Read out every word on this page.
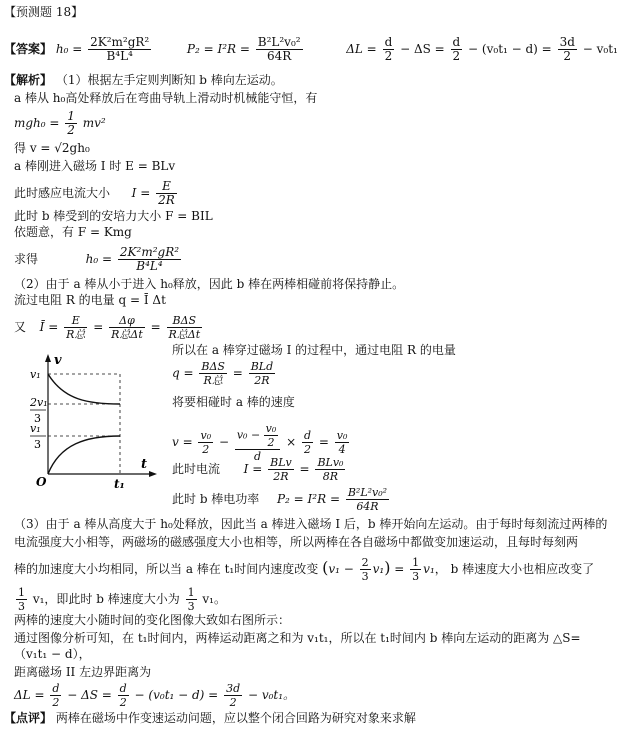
【预测题 18】
【答案】 $h_0 = \frac{\text{2K²m²gR²}}{\text{B⁴L⁴}}$	$P_2 = I^2R = \frac{\text{B²L²v₀²}}{64R}$	$\Delta L = \frac{d}{2} - \Delta S = \frac{d}{2} - (v_0t_1 - d) = \frac{3d}{2} - v_0t_1$
【解析】 （1）根据左手定则判断知 b 棒向左运动。
a 棒从 h₀高处释放后在弯曲导轨上滑动时机械能守恒，有
$mgh_0 = \frac{1}{2} mv^2$
得 v = √2gh₀
a 棒刚进入磁场 I 时 E = BLv
此时感应电流大小 $I = \frac{E}{2R}$
此时 b 棒受到的安培力大小 F = BIL
依题意，有 F = Kmg
求得	$h_0 = \frac{\text{2K²m²gR²}}{\text{B⁴L⁴}}$
（2）由于 a 棒从小于进入 h₀释放，因此 b 棒在两棒相碰前将保持静止。
流过电阻 R 的电量 q = Ī Δt
又 Ī = $\frac{E}{\text{R总}} = \frac{\Delta\varphi}{\text{R总Δt}} = \frac{\text{BΔS}}{\text{R总Δt}}$
v
t
v₁
2v₁
3
v₁
3
O	t₁
所以在 a 棒穿过磁场 I 的过程中，通过电阻 R 的电量
$q = \frac{\text{BΔS}}{\text{R总}} = \frac{\text{BLd}}{2R}$
将要相碰时 a 棒的速度
$v = \frac{\text{v₀}}{2} - \frac{v_0 - \frac{\text{v₀}}{2}}{d} \times \frac{d}{2} = \frac{\text{v₀}}{4}$
此时电流 $I = \frac{\text{BLv}}{2R} = \frac{\text{BLv₀}}{8R}$
此时 b 棒电功率 $P_2 = I^2R = \frac{\text{B²L²v₀²}}{64R}$
（3）由于 a 棒从高度大于 h₀处释放，因此当 a 棒进入磁场 I 后，b 棒开始向左运动。由于每时每刻流过两棒的
电流强度大小相等，两磁场的磁感强度大小也相等，所以两棒在各自磁场中都做变加速运动，且每时每刻两
棒的加速度大小均相同，所以当 a 棒在 t₁时间内速度改变 $(v_1 - \frac{2}{3} v_1) = \frac{1}{3} v_1$， b 棒速度大小也相应改变了
$\frac{1}{3} v_1$，即此时 b 棒速度大小为 $\frac{1}{3} v_1$。
两棒的速度大小随时间的变化图像大致如右图所示：
通过图像分析可知，在 t₁时间内，两棒运动距离之和为 v₁t₁，所以在 t₁时间内 b 棒向左运动的距离为 △S=
（v₁t₁ − d），
距离磁场 II 左边界距离为
$\Delta L = \frac{d}{2} - \Delta S = \frac{d}{2} - (v_0t_1 - d) = \frac{3d}{2} - v_0t_1$。
【点评】 两棒在磁场中作变速运动问题，应以整个闭合回路为研究对象来求解
